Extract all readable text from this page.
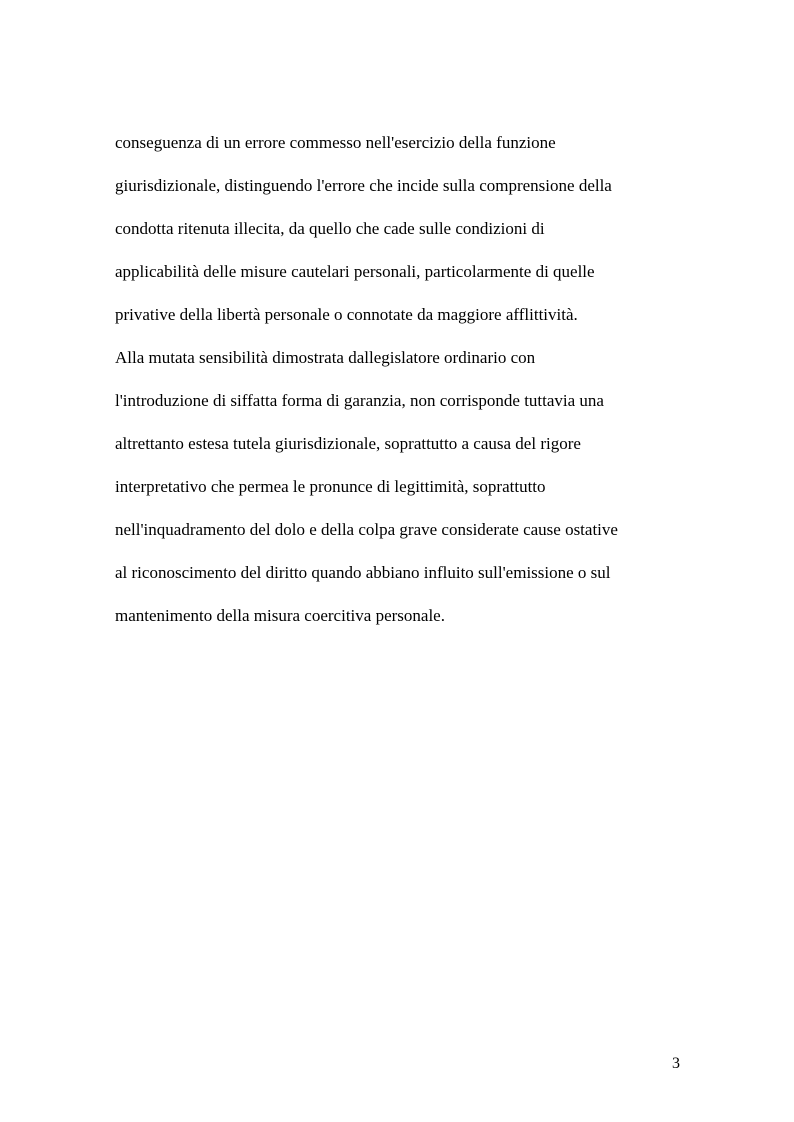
conseguenza di un errore commesso nell'esercizio della funzione
giurisdizionale, distinguendo l'errore che incide sulla comprensione della
condotta ritenuta illecita, da quello che cade sulle condizioni di
applicabilità delle misure cautelari personali, particolarmente di quelle
privative della libertà personale o connotate da maggiore afflittività.
Alla mutata sensibilità dimostrata dallegislatore ordinario con
l'introduzione di siffatta forma di garanzia, non corrisponde tuttavia una
altrettanto estesa tutela giurisdizionale, soprattutto a causa del rigore
interpretativo che permea le pronunce di legittimità, soprattutto
nell'inquadramento del dolo e della colpa grave considerate cause ostative
al riconoscimento del diritto quando abbiano influito sull'emissione o sul
mantenimento della misura coercitiva personale.
3
